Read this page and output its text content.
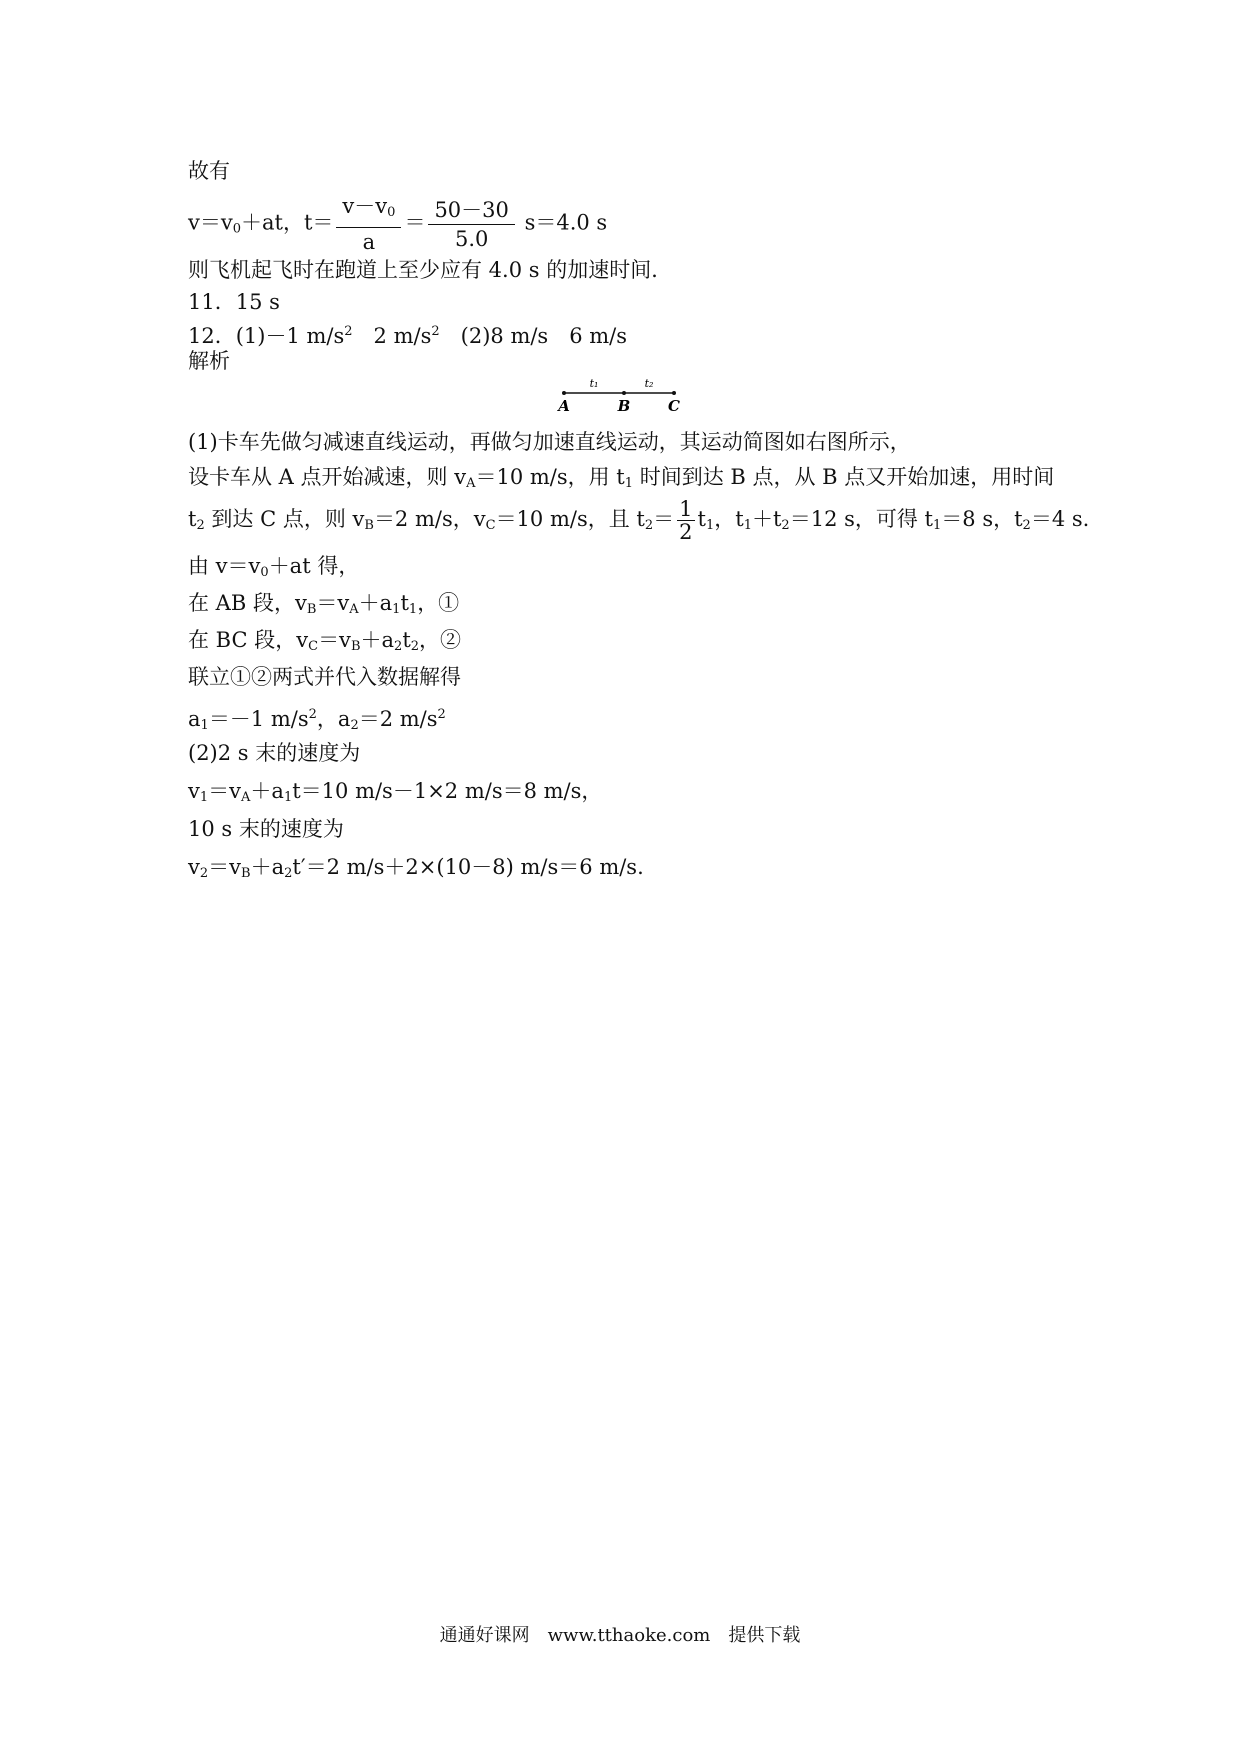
故有
$v=v_0+at$，$t= \frac{v-v_0}{a} = \frac{50-30}{5.0} s=4.0$ s
则飞机起飞时在跑道上至少应有 4.0 s 的加速时间．
11．15 s
12．(1)－1 $m/s^2$　2 $m/s^2$　(2)8 m/s　6 m/s
解析
t₁	t₂
A	B	C
(1)卡车先做匀减速直线运动，再做匀加速直线运动，其运动简图如右图所示，
设卡车从 A 点开始减速，则 $v_A=10$ m/s，用 $t_1$ 时间到达 B 点，从 B 点又开始加速，用时间
$t_2$ 到达 C 点，则 $v_B=2$ m/s，$v_C=10$ m/s，且 $t_2= \frac{1}{2} t_1$，$t_1+t_2=12$ s，可得 $t_1=8$ s，$t_2=4$ s.
由 $v=v_0+at$ 得，
在 AB 段，$v_B=v_A+a_1t_1$，①
在 BC 段，$v_C=v_B+a_2t_2$，②
联立①②两式并代入数据解得
$a_1=-1$ $m/s^2$，$a_2=2$ $m/s^2$
(2)2 s 末的速度为
$v_1=v_A+a_1t=10$ m/s－1×2 m/s＝8 m/s，
10 s 末的速度为
$v_2=v_B+a_2t'=2$ m/s＋2×(10－8) m/s＝6 m/s.
通通好课网　www.tthaoke.com　提供下载
